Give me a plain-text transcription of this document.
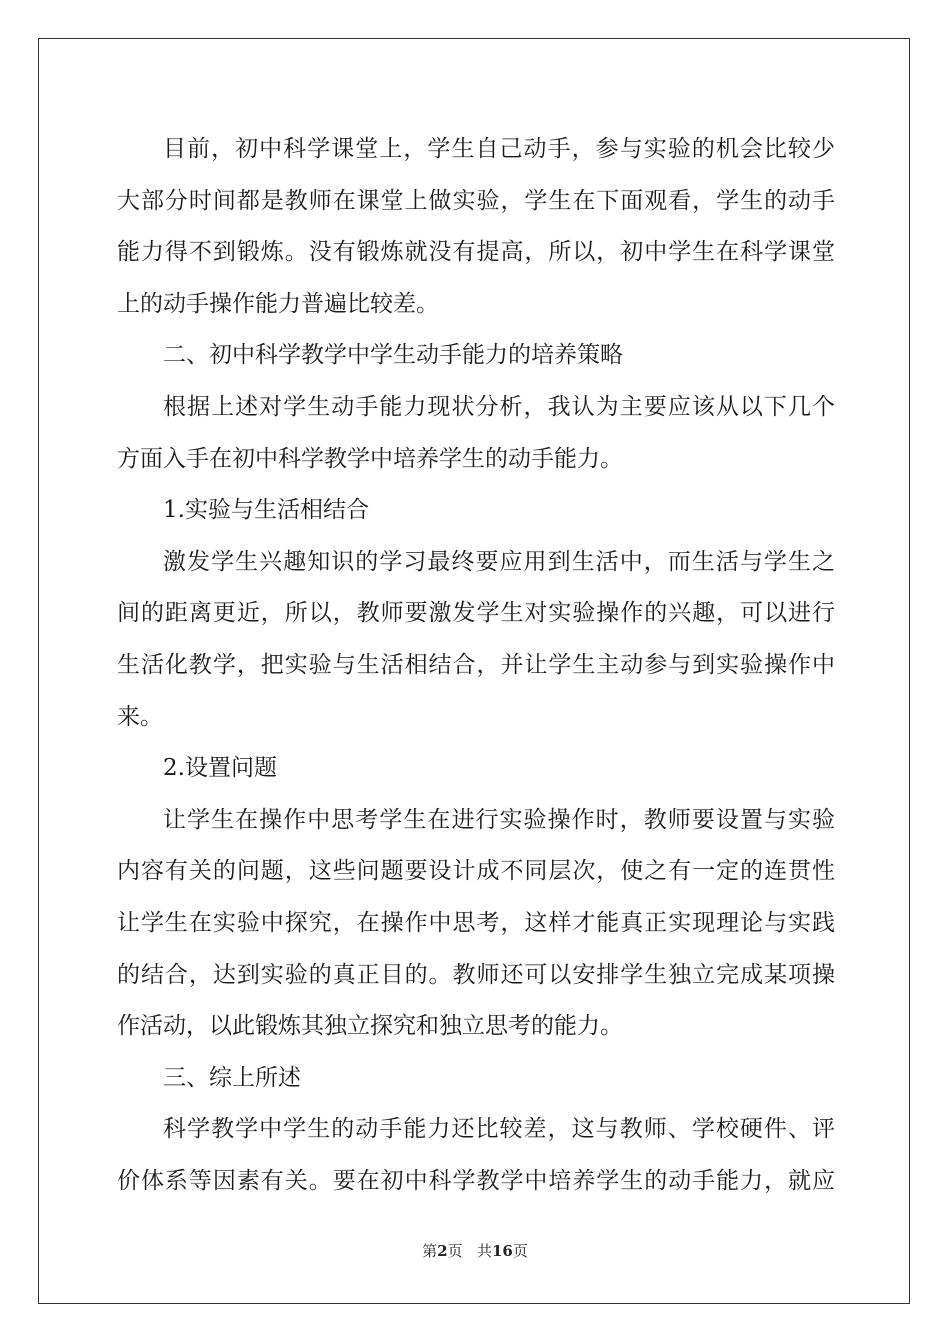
目前，初中科学课堂上，学生自己动手，参与实验的机会比较少
大部分时间都是教师在课堂上做实验，学生在下面观看，学生的动手
能力得不到锻炼。没有锻炼就没有提高，所以，初中学生在科学课堂
上的动手操作能力普遍比较差。
二、初中科学教学中学生动手能力的培养策略
根据上述对学生动手能力现状分析，我认为主要应该从以下几个
方面入手在初中科学教学中培养学生的动手能力。
1.实验与生活相结合
激发学生兴趣知识的学习最终要应用到生活中，而生活与学生之
间的距离更近，所以，教师要激发学生对实验操作的兴趣，可以进行
生活化教学，把实验与生活相结合，并让学生主动参与到实验操作中
来。
2.设置问题
让学生在操作中思考学生在进行实验操作时，教师要设置与实验
内容有关的问题，这些问题要设计成不同层次，使之有一定的连贯性
让学生在实验中探究，在操作中思考，这样才能真正实现理论与实践
的结合，达到实验的真正目的。教师还可以安排学生独立完成某项操
作活动，以此锻炼其独立探究和独立思考的能力。
三、综上所述
科学教学中学生的动手能力还比较差，这与教师、学校硬件、评
价体系等因素有关。要在初中科学教学中培养学生的动手能力，就应
第2页 共16页
